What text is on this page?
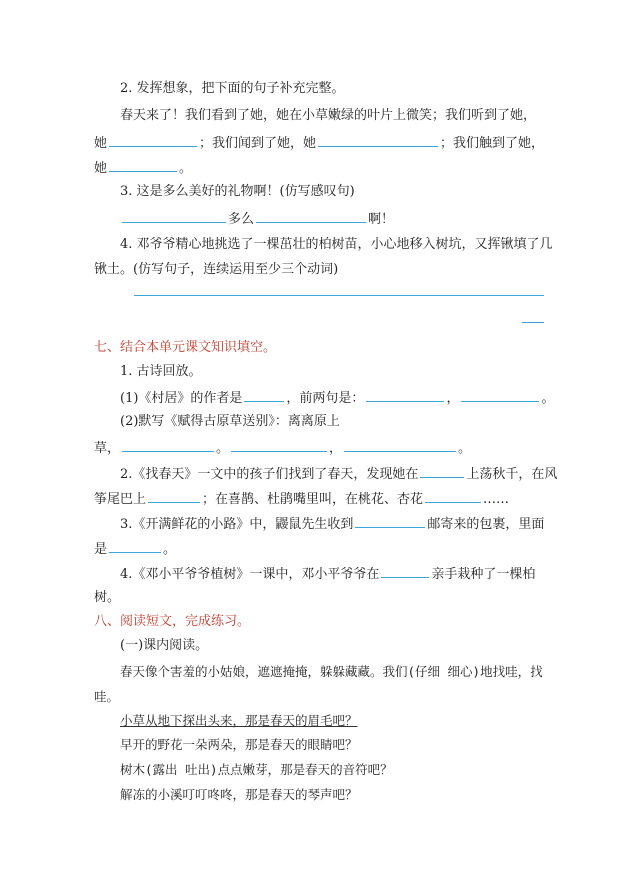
2. 发挥想象，把下面的句子补充完整。
春天来了！我们看到了她，她在小草嫩绿的叶片上微笑；我们听到了她，
她	；我们闻到了她，她	；我们触到了她，
她	。
3. 这是多么美好的礼物啊！(仿写感叹句)
多么	啊！
4. 邓爷爷精心地挑选了一棵茁壮的柏树苗，小心地移入树坑，又挥锹填了几
锹土。(仿写句子，连续运用至少三个动词)
七、结合本单元课文知识填空。
1. 古诗回放。
(1)《村居》的作者是	，前两句是：	，	。
(2)默写《赋得古原草送别》：离离原上
草，	。	，	。
2.《找春天》一文中的孩子们找到了春天，发现她在	上荡秋千，在风
筝尾巴上	；在喜鹊、杜鹃嘴里叫，在桃花、杏花	……
3.《开满鲜花的小路》中，鼹鼠先生收到	邮寄来的包裹，里面
是	。
4.《邓小平爷爷植树》一课中，邓小平爷爷在	亲手栽种了一棵柏
树。
八、阅读短文，完成练习。
(一)课内阅读。
春天像个害羞的小姑娘，遮遮掩掩，躲躲藏藏。我们(仔细 细心)地找哇，找
哇。
小草从地下探出头来，那是春天的眉毛吧？
早开的野花一朵两朵，那是春天的眼睛吧？
树木(露出 吐出)点点嫩芽，那是春天的音符吧？
解冻的小溪叮叮咚咚，那是春天的琴声吧？
